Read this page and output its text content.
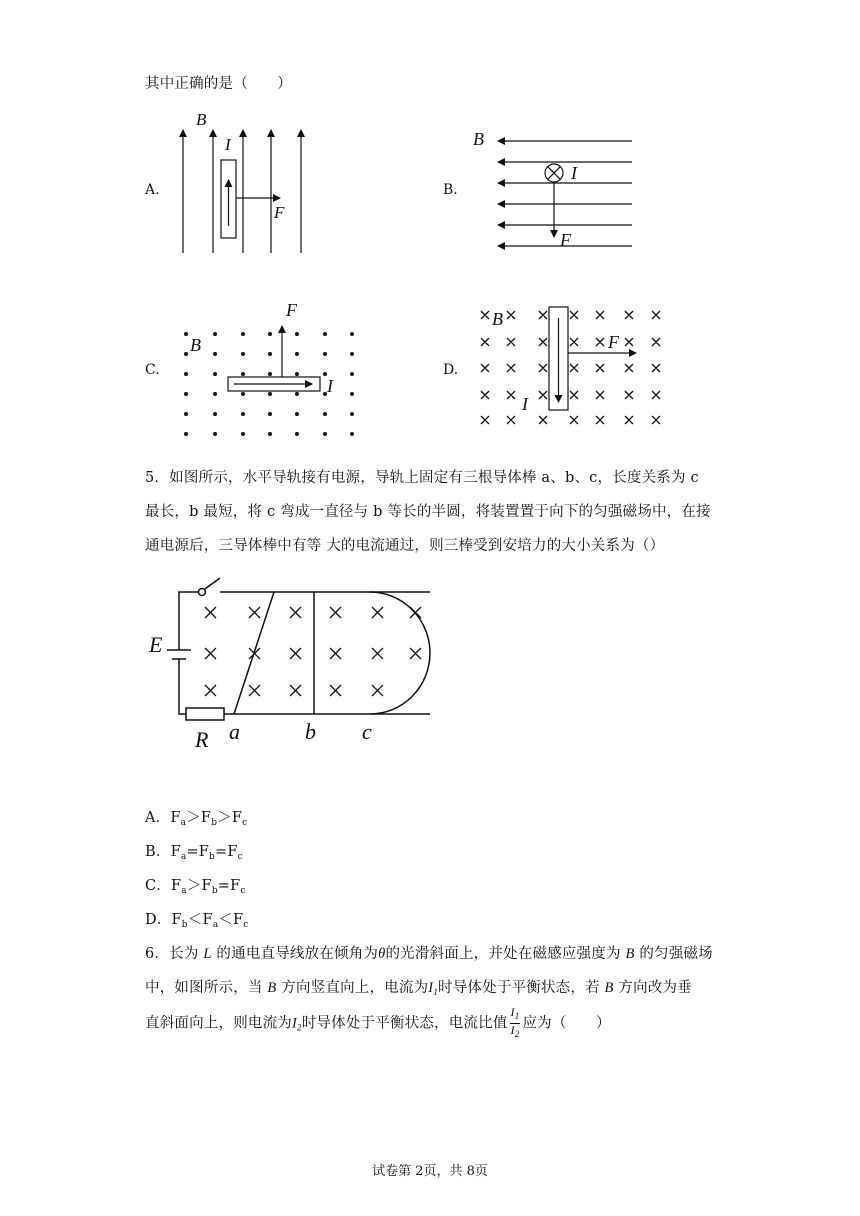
其中正确的是（　　）
A.
B
I
F
B.
B
I
F
C.
B
F
I
D.
B
F
I
5．如图所示，水平导轨接有电源，导轨上固定有三根导体棒 a、b、c，长度关系为 c
最长，b 最短，将 c 弯成一直径与 b 等长的半圆，将装置置于向下的匀强磁场中，在接
通电源后，三导体棒中有等 大的电流通过，则三棒受到安培力的大小关系为（）
E
R a	b c
A．$F_a>F_b>F_c$
B．$F_a=F_b=F_c$
C．$F_a>F_b=F_c$
D．$F_b<F_a<F_c$
6．长为 L 的通电直导线放在倾角为θ的光滑斜面上，并处在磁感应强度为 B 的匀强磁场
中，如图所示，当 B 方向竖直向上，电流为$I_1$时导体处于平衡状态，若 B 方向改为垂
直斜面向上，则电流为$I_2$时导体处于平衡状态，电流比值 $\frac{I_1}{I_2}$ 应为（　　）
试卷第 2页，共 8页
